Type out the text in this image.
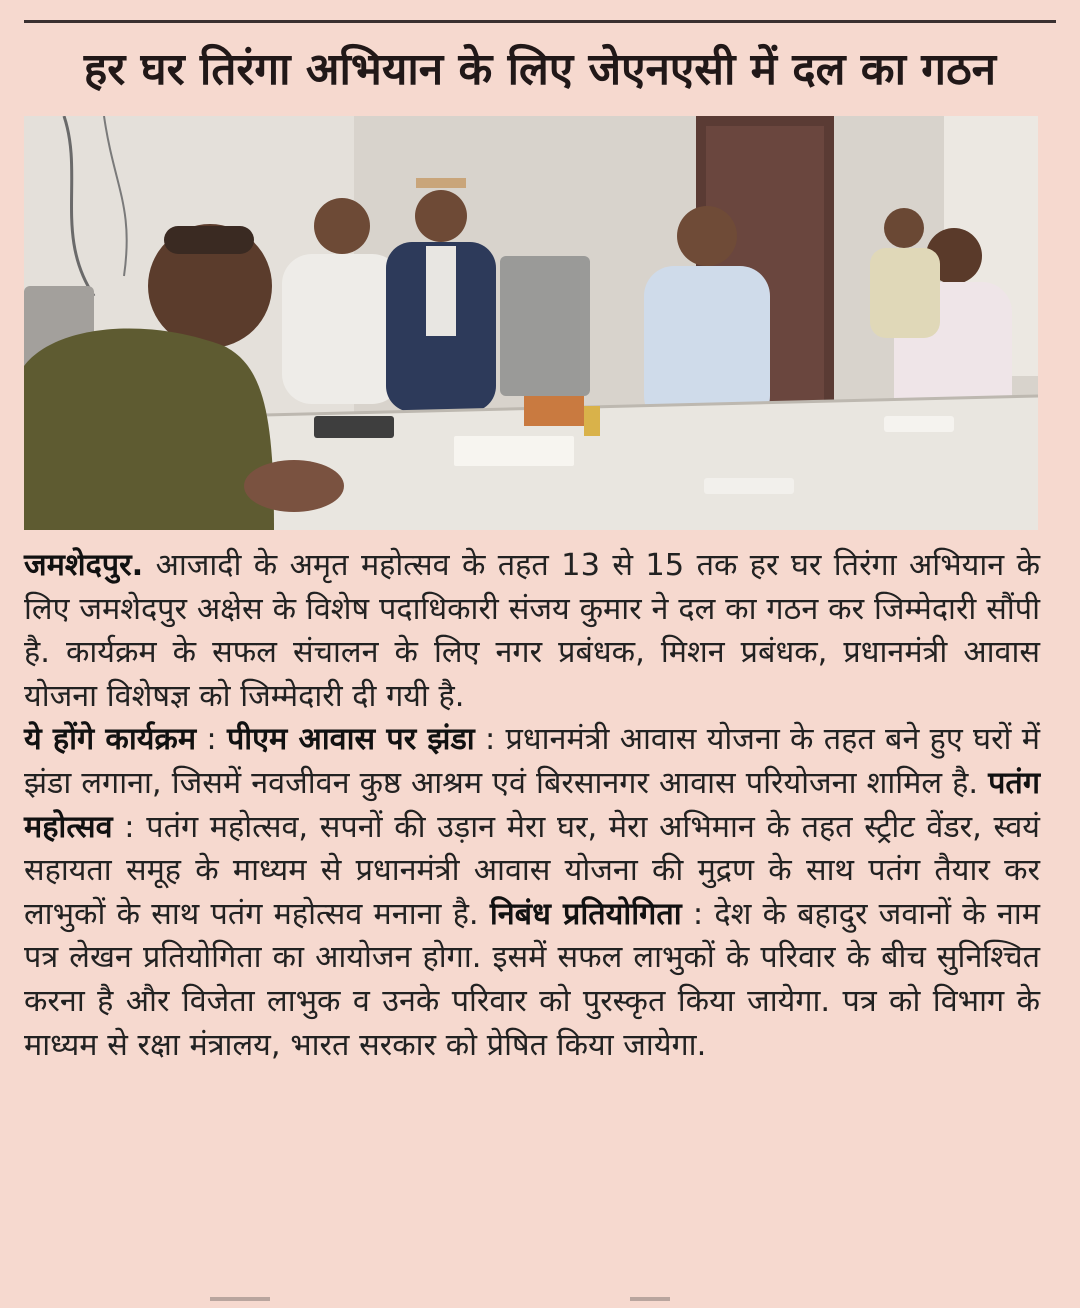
हर घर तिरंगा अभियान के लिए जेएनएसी में दल का गठन

जमशेदपुर. आजादी के अमृत महोत्सव के तहत 13 से 15 तक हर घर तिरंगा अभियान के लिए जमशेदपुर अक्षेस के विशेष पदाधिकारी संजय कुमार ने दल का गठन कर जिम्मेदारी सौंपी है. कार्यक्रम के सफल संचालन के लिए नगर प्रबंधक, मिशन प्रबंधक, प्रधानमंत्री आवास योजना विशेषज्ञ को जिम्मेदारी दी गयी है.

ये होंगे कार्यक्रम : पीएम आवास पर झंडा : प्रधानमंत्री आवास योजना के तहत बने हुए घरों में झंडा लगाना, जिसमें नवजीवन कुष्ठ आश्रम एवं बिरसानगर आवास परियोजना शामिल है. पतंग महोत्सव : पतंग महोत्सव, सपनों की उड़ान मेरा घर, मेरा अभिमान के तहत स्ट्रीट वेंडर, स्वयं सहायता समूह के माध्यम से प्रधानमंत्री आवास योजना की मुद्रण के साथ पतंग तैयार कर लाभुकों के साथ पतंग महोत्सव मनाना है. निबंध प्रतियोगिता : देश के बहादुर जवानों के नाम पत्र लेखन प्रतियोगिता का आयोजन होगा. इसमें सफल लाभुकों के परिवार के बीच सुनिश्चित करना है और विजेता लाभुक व उनके परिवार को पुरस्कृत किया जायेगा. पत्र को विभाग के माध्यम से रक्षा मंत्रालय, भारत सरकार को प्रेषित किया जायेगा.
